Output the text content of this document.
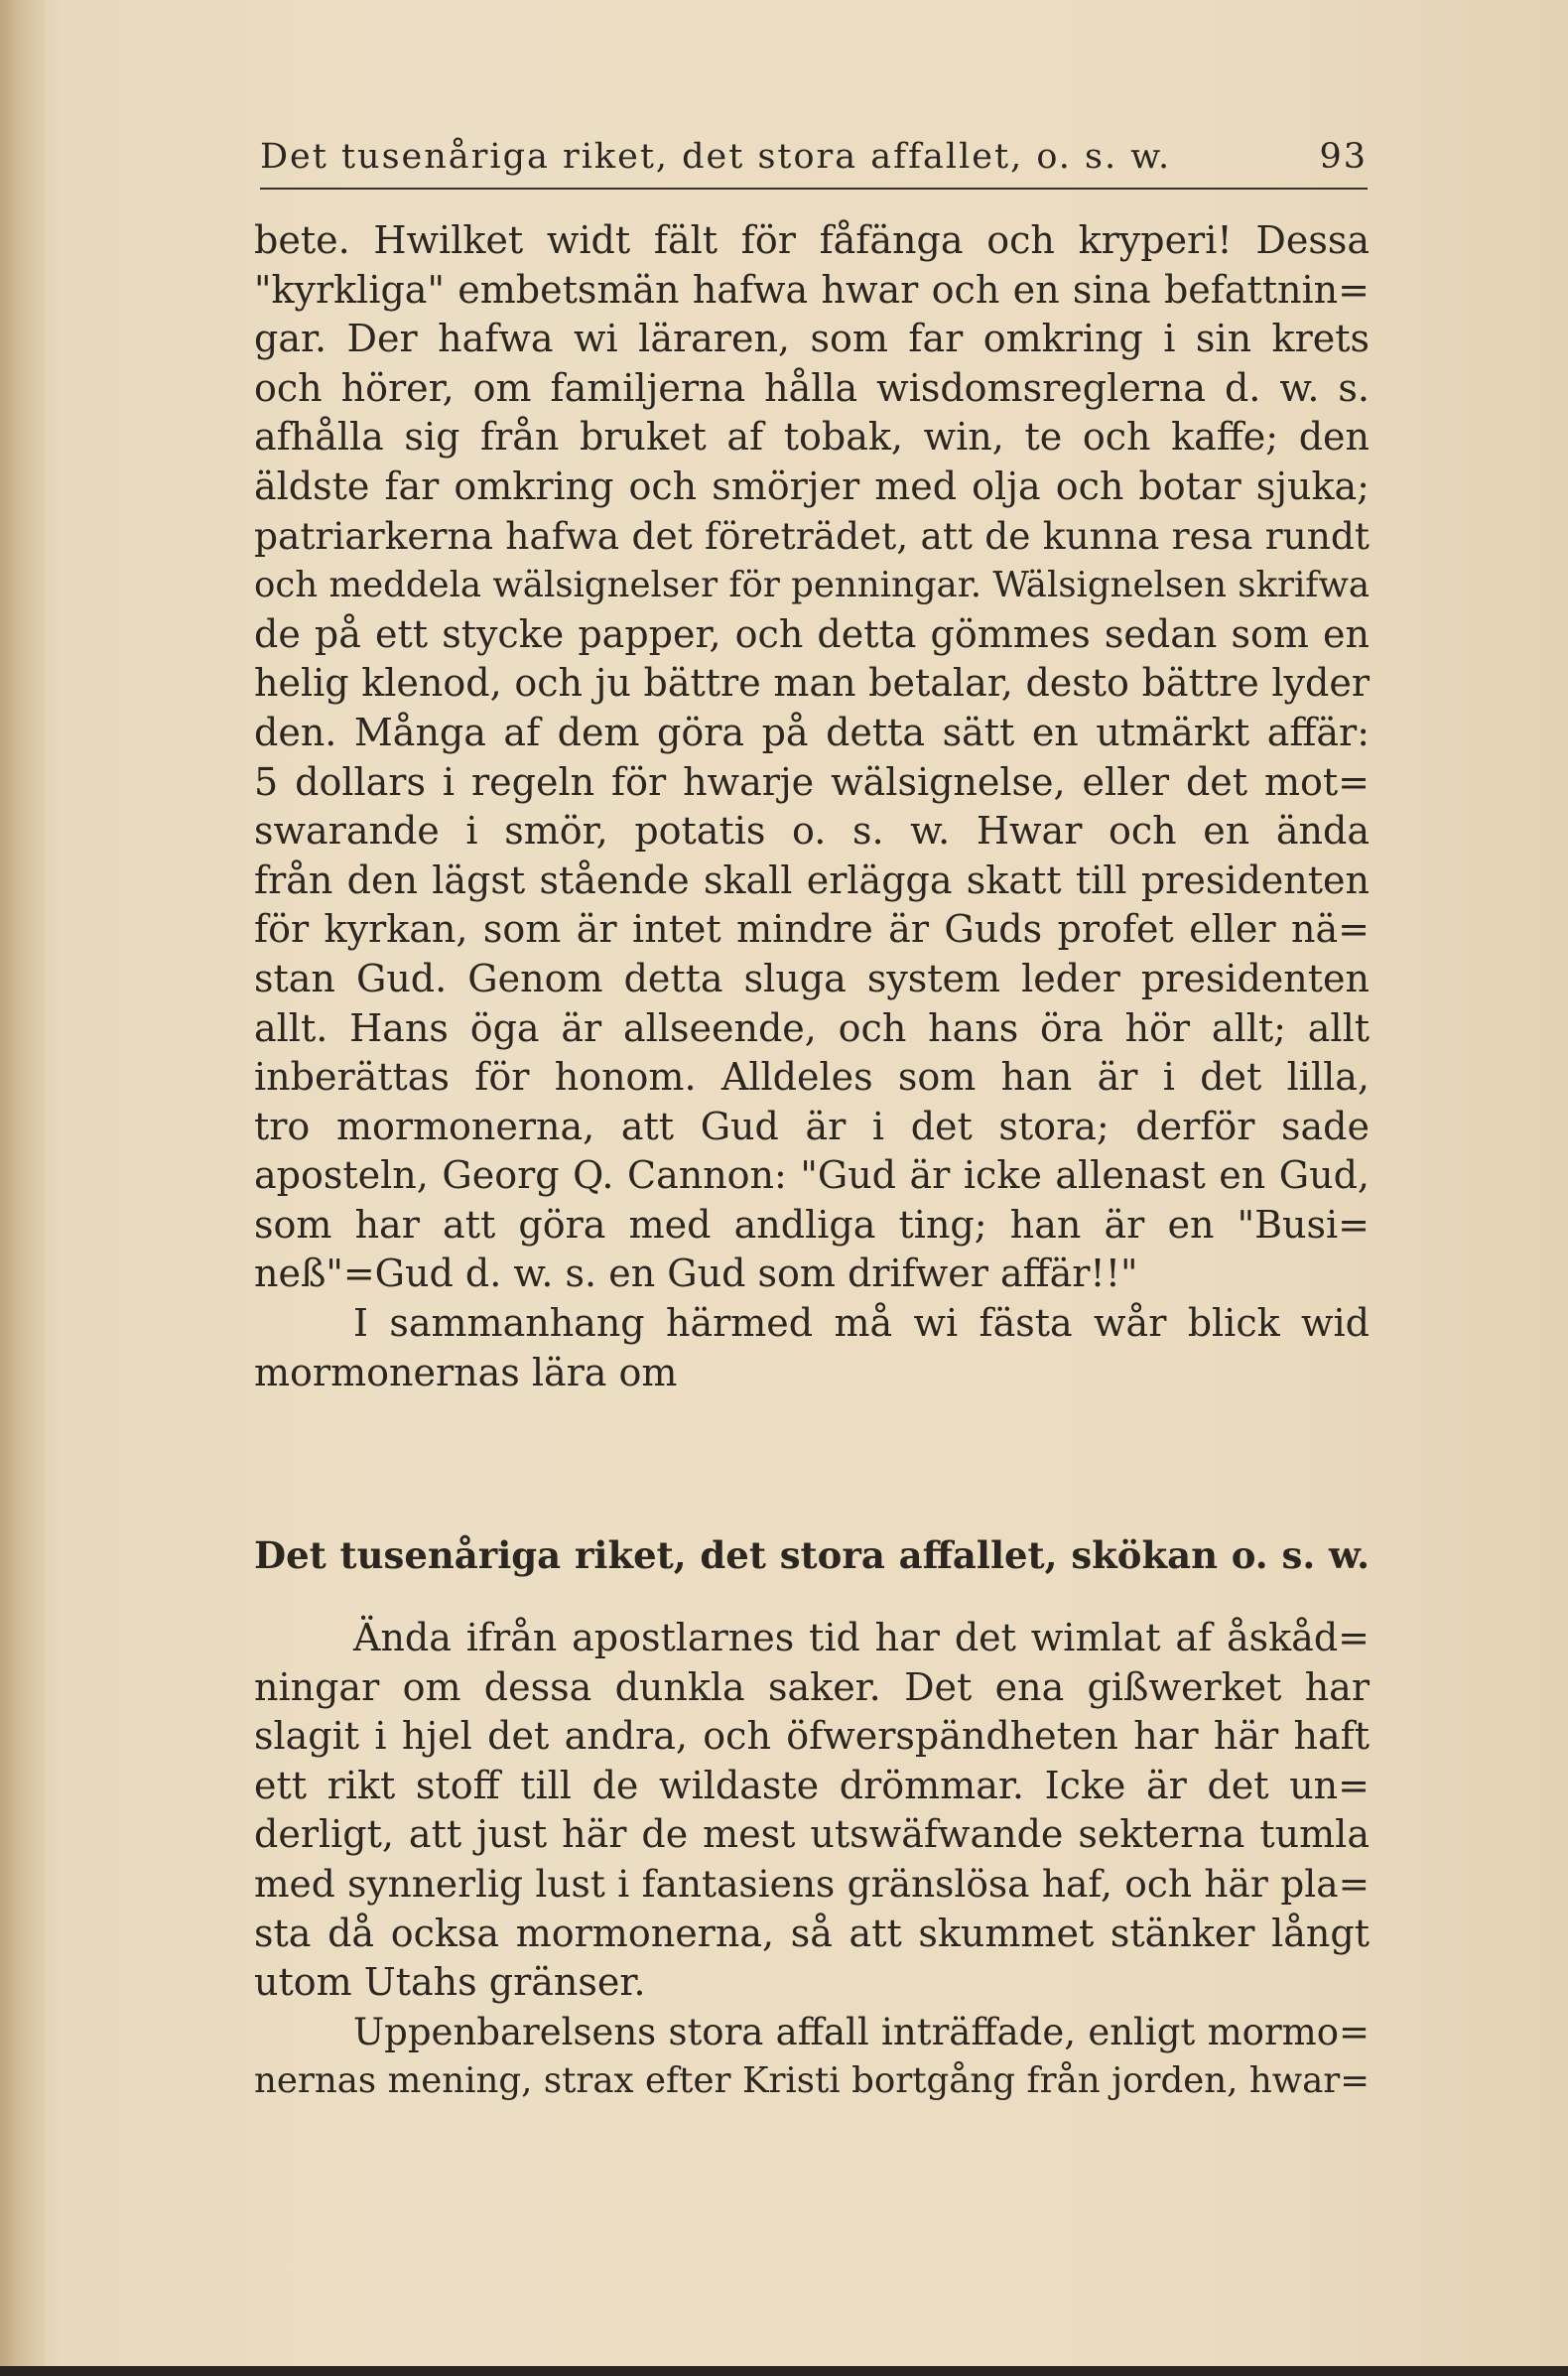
Det tusenåriga riket, det stora affallet, o. s. w.	93
bete. Hwilket widt fält för fåfänga och kryperi! Dessa
"kyrkliga" embetsmän hafwa hwar och en sina befattnin=
gar. Der hafwa wi läraren, som far omkring i sin krets
och hörer, om familjerna hålla wisdomsreglerna d. w. s.
afhålla sig från bruket af tobak, win, te och kaffe; den
äldste far omkring och smörjer med olja och botar sjuka;
patriarkerna hafwa det företrädet, att de kunna resa rundt
och meddela wälsignelser för penningar. Wälsignelsen skrifwa
de på ett stycke papper, och detta gömmes sedan som en
helig klenod, och ju bättre man betalar, desto bättre lyder
den. Många af dem göra på detta sätt en utmärkt affär:
5 dollars i regeln för hwarje wälsignelse, eller det mot=
swarande i smör, potatis o. s. w. Hwar och en ända
från den lägst stående skall erlägga skatt till presidenten
för kyrkan, som är intet mindre är Guds profet eller nä=
stan Gud. Genom detta sluga system leder presidenten
allt. Hans öga är allseende, och hans öra hör allt; allt
inberättas för honom. Alldeles som han är i det lilla,
tro mormonerna, att Gud är i det stora; derför sade
aposteln, Georg Q. Cannon: "Gud är icke allenast en Gud,
som har att göra med andliga ting; han är en "Busi=
neß"=Gud d. w. s. en Gud som drifwer affär!!"
I sammanhang härmed må wi fästa wår blick wid
mormonernas lära om
Det tusenåriga riket, det stora affallet, skökan o. s. w.
Ända ifrån apostlarnes tid har det wimlat af åskåd=
ningar om dessa dunkla saker. Det ena gißwerket har
slagit i hjel det andra, och öfwerspändheten har här haft
ett rikt stoff till de wildaste drömmar. Icke är det un=
derligt, att just här de mest utswäfwande sekterna tumla
med synnerlig lust i fantasiens gränslösa haf, och här pla=
sta då ocksa mormonerna, så att skummet stänker långt
utom Utahs gränser.
Uppenbarelsens stora affall inträffade, enligt mormo=
nernas mening, strax efter Kristi bortgång från jorden, hwar=
